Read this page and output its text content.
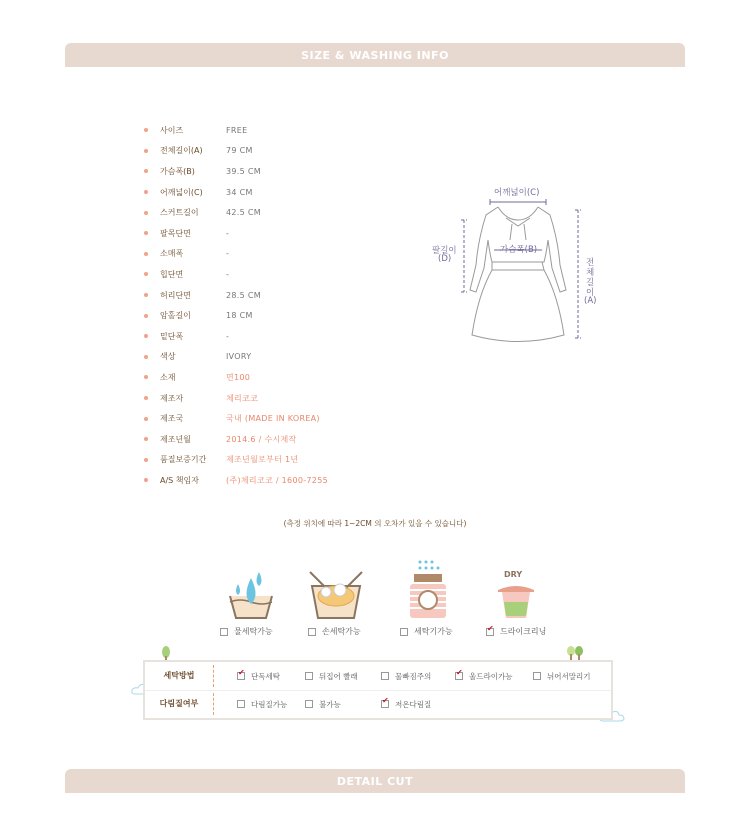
SIZE & WASHING INFO
사이즈	FREE
전체길이(A)	79 CM
가슴폭(B)	39.5 CM
어깨넓이(C)	34 CM
스커트길이	42.5 CM
팔목단면	-
소매폭	-
힙단면	-
허리단면	28.5 CM
암홀길이	18 CM
밑단폭	-
색상	IVORY
소재	면100
제조자	체리코코
제조국	국내 (MADE IN KOREA)
제조년월	2014.6 / 수시제작
품질보증기간	제조년월로부터 1년
A/S 책임자	(주)체리코코 / 1600-7255
어깨넓이(C)
가슴폭(B)
팔길이
(D)	전
체
길
이
(A)
(측정 위치에 따라 1~2CM 의 오차가 있을 수 있습니다)
물세탁가능	손세탁가능	세탁기가능
DRY
✔
드라이크리닝
세탁방법 ✔	단독세탁	뒤집어 빨래	물빠짐주의 ✔	울드라이가능	뉘어서말리기
다림질여부	다림질가능	불가능 ✔	저온다림질
DETAIL CUT
